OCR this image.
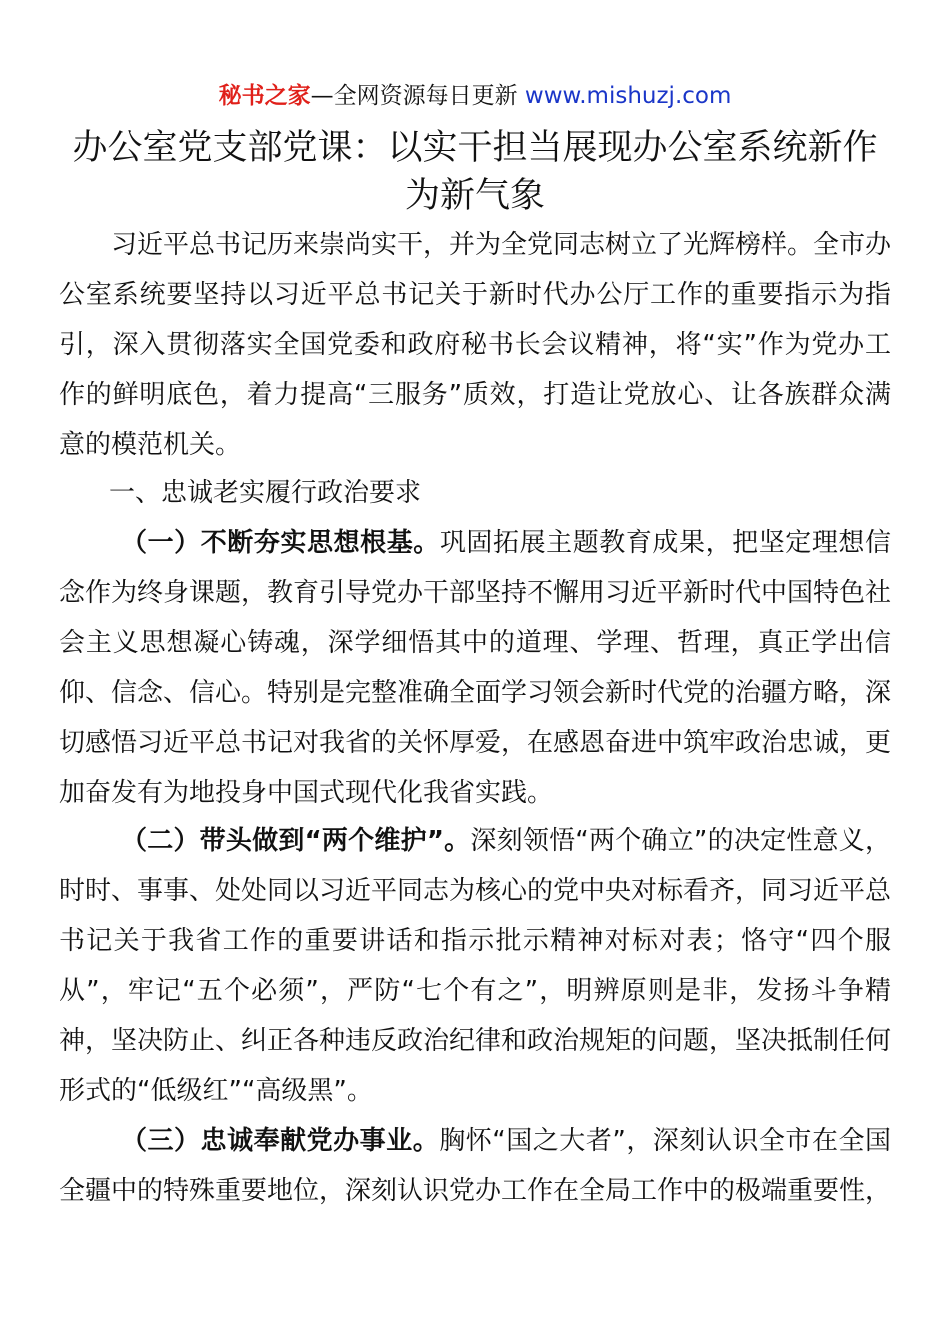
秘书之家—全网资源每日更新 www.mishuzj.com
办公室党支部党课：以实干担当展现办公室系统新作为新气象

习近平总书记历来崇尚实干，并为全党同志树立了光辉榜样。全市办公室系统要坚持以习近平总书记关于新时代办公厅工作的重要指示为指引，深入贯彻落实全国党委和政府秘书长会议精神，将“实”作为党办工作的鲜明底色，着力提高“三服务”质效，打造让党放心、让各族群众满意的模范机关。

一、忠诚老实履行政治要求

（一）不断夯实思想根基。巩固拓展主题教育成果，把坚定理想信念作为终身课题，教育引导党办干部坚持不懈用习近平新时代中国特色社会主义思想凝心铸魂，深学细悟其中的道理、学理、哲理，真正学出信仰、信念、信心。特别是完整准确全面学习领会新时代党的治疆方略，深切感悟习近平总书记对我省的关怀厚爱，在感恩奋进中筑牢政治忠诚，更加奋发有为地投身中国式现代化我省实践。

（二）带头做到“两个维护”。深刻领悟“两个确立”的决定性意义，时时、事事、处处同以习近平同志为核心的党中央对标看齐，同习近平总书记关于我省工作的重要讲话和指示批示精神对标对表；恪守“四个服从”，牢记“五个必须”，严防“七个有之”，明辨原则是非，发扬斗争精神，坚决防止、纠正各种违反政治纪律和政治规矩的问题，坚决抵制任何形式的“低级红”“高级黑”。

（三）忠诚奉献党办事业。胸怀“国之大者”，深刻认识全市在全国全疆中的特殊重要地位，深刻认识党办工作在全局工作中的极端重要性，
